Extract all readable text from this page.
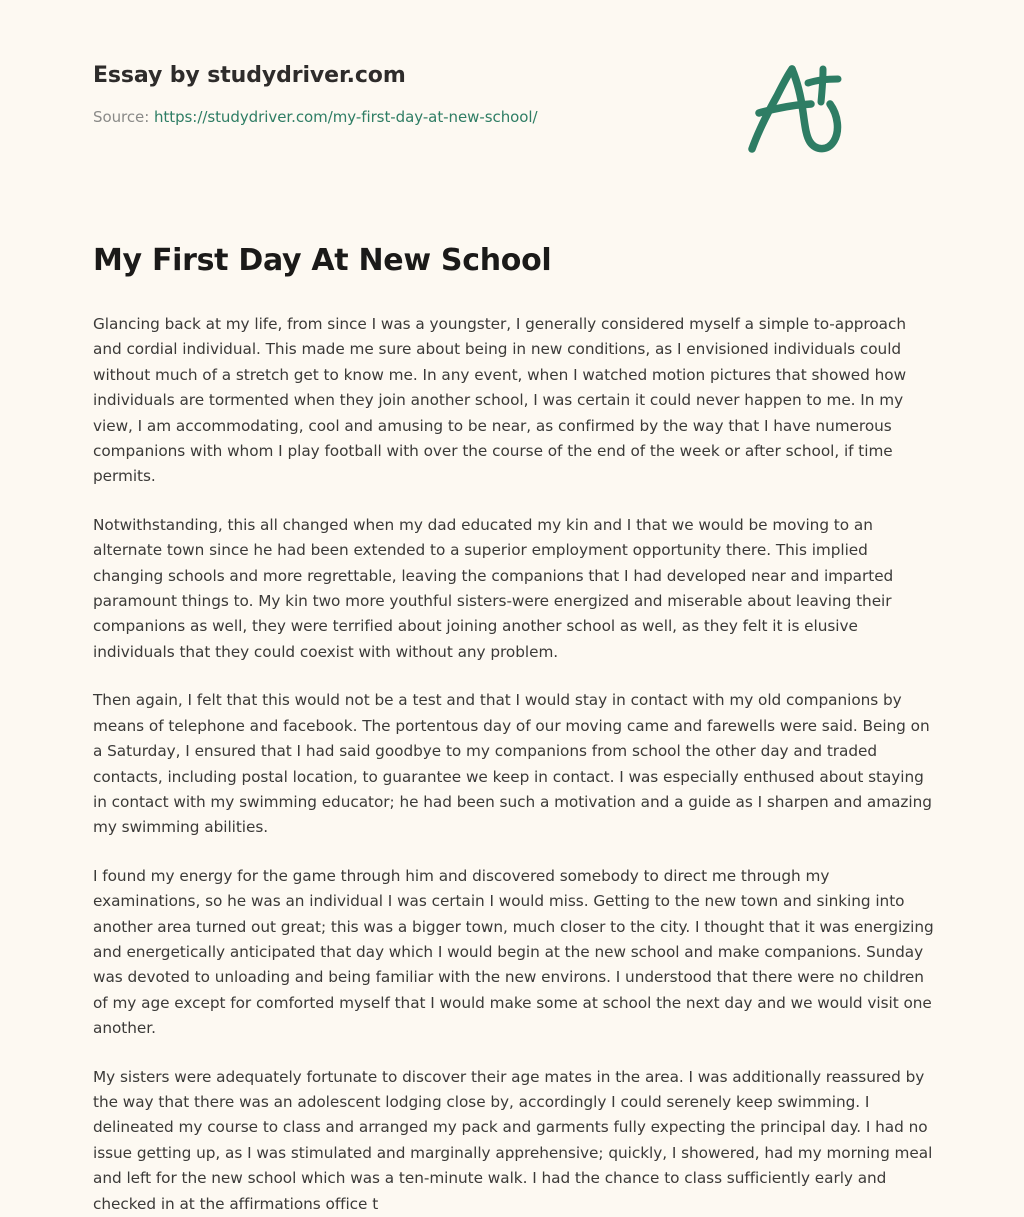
Essay by studydriver.com
Source: https://studydriver.com/my-first-day-at-new-school/
My First Day At New School

Glancing back at my life, from since I was a youngster, I generally considered myself a simple to-approach and cordial individual. This made me sure about being in new conditions, as I envisioned individuals could without much of a stretch get to know me. In any event, when I watched motion pictures that showed how individuals are tormented when they join another school, I was certain it could never happen to me. In my view, I am accommodating, cool and amusing to be near, as confirmed by the way that I have numerous companions with whom I play football with over the course of the end of the week or after school, if time permits.

Notwithstanding, this all changed when my dad educated my kin and I that we would be moving to an alternate town since he had been extended to a superior employment opportunity there. This implied changing schools and more regrettable, leaving the companions that I had developed near and imparted paramount things to. My kin two more youthful sisters-were energized and miserable about leaving their companions as well, they were terrified about joining another school as well, as they felt it is elusive individuals that they could coexist with without any problem.

Then again, I felt that this would not be a test and that I would stay in contact with my old companions by means of telephone and facebook. The portentous day of our moving came and farewells were said. Being on a Saturday, I ensured that I had said goodbye to my companions from school the other day and traded contacts, including postal location, to guarantee we keep in contact. I was especially enthused about staying in contact with my swimming educator; he had been such a motivation and a guide as I sharpen and amazing my swimming abilities.

I found my energy for the game through him and discovered somebody to direct me through my examinations, so he was an individual I was certain I would miss. Getting to the new town and sinking into another area turned out great; this was a bigger town, much closer to the city. I thought that it was energizing and energetically anticipated that day which I would begin at the new school and make companions. Sunday was devoted to unloading and being familiar with the new environs. I understood that there were no children of my age except for comforted myself that I would make some at school the next day and we would visit one another.

My sisters were adequately fortunate to discover their age mates in the area. I was additionally reassured by the way that there was an adolescent lodging close by, accordingly I could serenely keep swimming. I delineated my course to class and arranged my pack and garments fully expecting the principal day. I had no issue getting up, as I was stimulated and marginally apprehensive; quickly, I showered, had my morning meal and left for the new school which was a ten-minute walk. I had the chance to class sufficiently early and checked in at the affirmations office t
